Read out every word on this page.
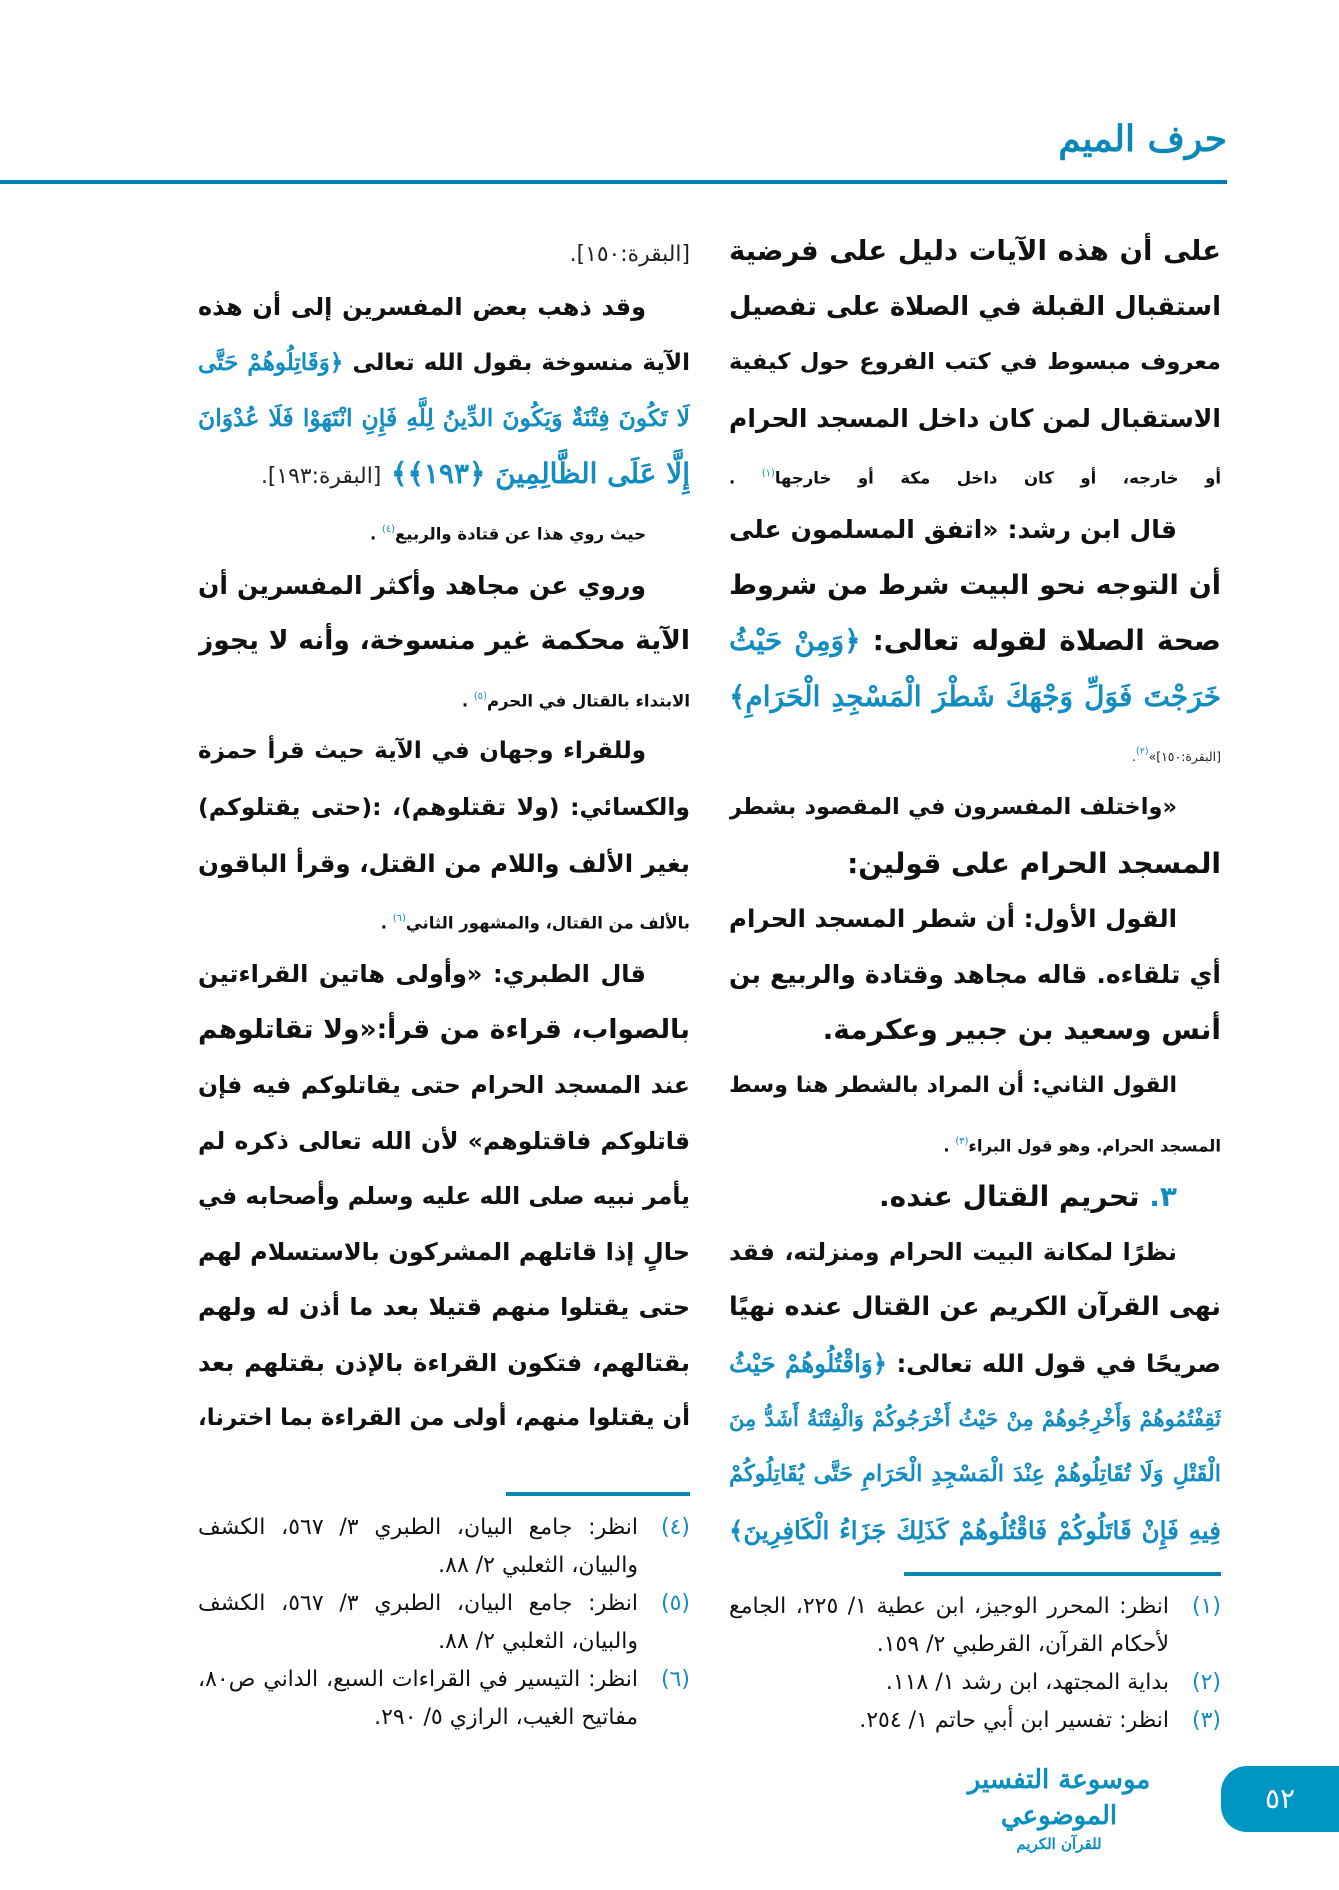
حرف الميم
على أن هذه الآيات دليل على فرضية
استقبال القبلة في الصلاة على تفصيل
معروف مبسوط في كتب الفروع حول كيفية
الاستقبال لمن كان داخل المسجد الحرام
أو خارجه، أو كان داخل مكة أو خارجها$^{(١)}$ .
قال ابن رشد: «اتفق المسلمون على
أن التوجه نحو البيت شرط من شروط
صحة الصلاة لقوله تعالى: ﴿وَمِنْ حَيْثُ
خَرَجْتَ فَوَلِّ وَجْهَكَ شَطْرَ الْمَسْجِدِ الْحَرَامِ﴾
[البقرة:١٥٠]»$^{(٢)}$.
«واختلف المفسرون في المقصود بشطر
المسجد الحرام على قولين:
القول الأول: أن شطر المسجد الحرام
أي تلقاءه. قاله مجاهد وقتادة والربيع بن
أنس وسعيد بن جبير وعكرمة.
القول الثاني: أن المراد بالشطر هنا وسط
المسجد الحرام. وهو قول البراء$^{(٣)}$ .
٣. تحريم القتال عنده.
نظرًا لمكانة البيت الحرام ومنزلته، فقد
نهى القرآن الكريم عن القتال عنده نهيًا
صريحًا في قول الله تعالى: ﴿وَاقْتُلُوهُمْ حَيْثُ
ثَقِفْتُمُوهُمْ وَأَخْرِجُوهُمْ مِنْ حَيْثُ أَخْرَجُوكُمْ وَالْفِتْنَةُ أَشَدُّ مِنَ
الْقَتْلِ وَلَا تُقَاتِلُوهُمْ عِنْدَ الْمَسْجِدِ الْحَرَامِ حَتَّى يُقَاتِلُوكُمْ
فِيهِ فَإِنْ قَاتَلُوكُمْ فَاقْتُلُوهُمْ كَذَلِكَ جَزَاءُ الْكَافِرِينَ﴾
[البقرة:١٥٠].
وقد ذهب بعض المفسرين إلى أن هذه
الآية منسوخة بقول الله تعالى ﴿وَقَاتِلُوهُمْ حَتَّى
لَا تَكُونَ فِتْنَةٌ وَيَكُونَ الدِّينُ لِلَّهِ فَإِنِ انْتَهَوْا فَلَا عُدْوَانَ
إِلَّا عَلَى الظَّالِمِينَ ﴿١٩٣﴾﴾ [البقرة:١٩٣].
حيث روي هذا عن قتادة والربيع$^{(٤)}$ .
وروي عن مجاهد وأكثر المفسرين أن
الآية محكمة غير منسوخة، وأنه لا يجوز
الابتداء بالقتال في الحرم$^{(٥)}$ .
وللقراء وجهان في الآية حيث قرأ حمزة
والكسائي: (ولا تقتلوهم)، :(حتى يقتلوكم)
بغير الألف واللام من القتل، وقرأ الباقون
بالألف من القتال، والمشهور الثاني$^{(٦)}$ .
قال الطبري: «وأولى هاتين القراءتين
بالصواب، قراءة من قرأ:«ولا تقاتلوهم
عند المسجد الحرام حتى يقاتلوكم فيه فإن
قاتلوكم فاقتلوهم» لأن الله تعالى ذكره لم
يأمر نبيه صلى الله عليه وسلم وأصحابه في
حالٍ إذا قاتلهم المشركون بالاستسلام لهم
حتى يقتلوا منهم قتيلا بعد ما أذن له ولهم
بقتالهم، فتكون القراءة بالإذن بقتلهم بعد
أن يقتلوا منهم، أولى من القراءة بما اخترنا،
(١)
انظر: المحرر الوجيز، ابن عطية ١/ ٢٢٥، الجامع لأحكام القرآن، القرطبي ٢/ ١٥٩.
(٢)
بداية المجتهد، ابن رشد ١/ ١١٨.
(٣)
انظر: تفسير ابن أبي حاتم ١/ ٢٥٤.
(٤)
انظر: جامع البيان، الطبري ٣/ ٥٦٧، الكشف والبيان، الثعلبي ٢/ ٨٨.
(٥)
انظر: جامع البيان، الطبري ٣/ ٥٦٧، الكشف والبيان، الثعلبي ٢/ ٨٨.
(٦)
انظر: التيسير في القراءات السبع، الداني ص٨٠، مفاتيح الغيب، الرازي ٥/ ٢٩٠.
موسوعة التفسير الموضوعي
للقرآن الكريم
٥٢
